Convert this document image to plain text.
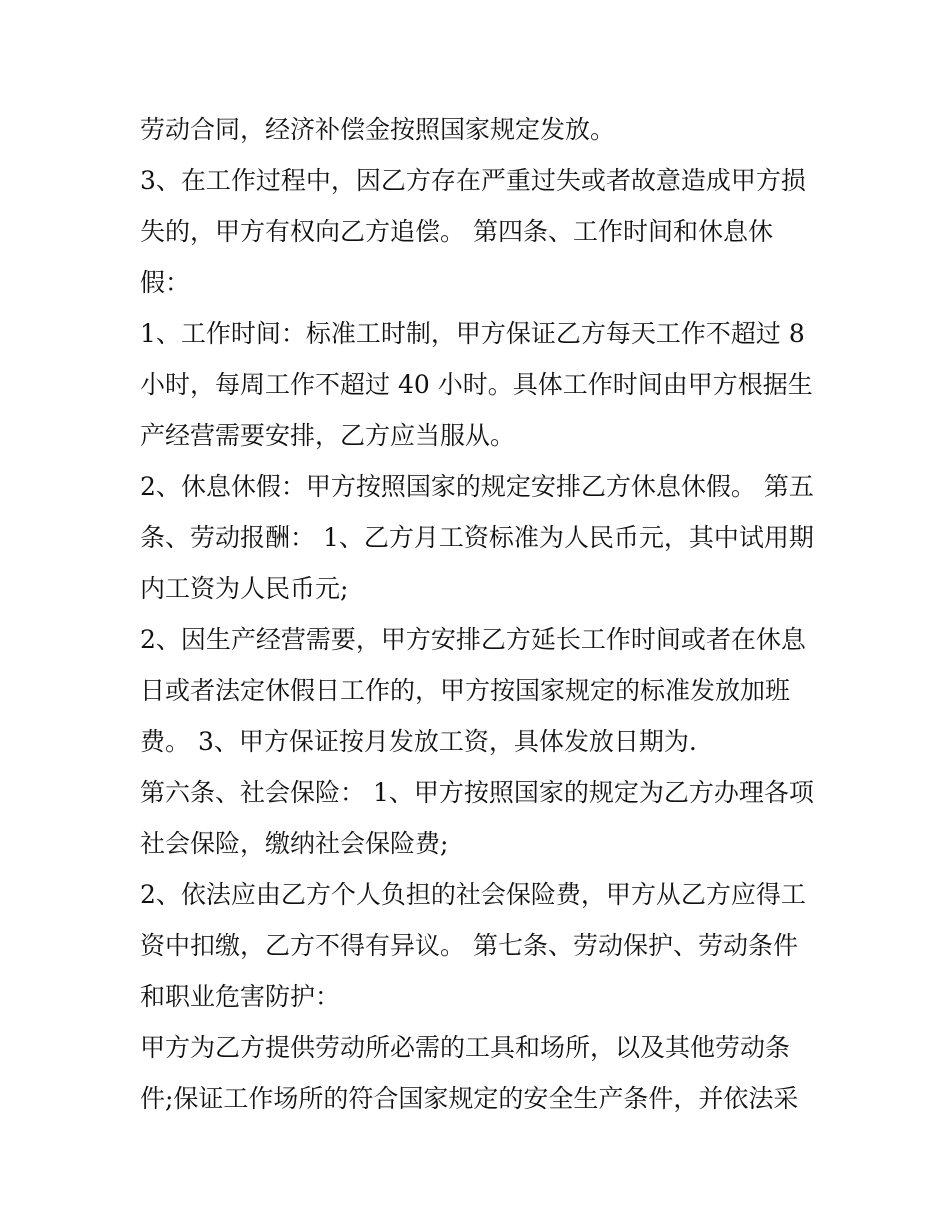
劳动合同，经济补偿金按照国家规定发放。
3、在工作过程中，因乙方存在严重过失或者故意造成甲方损
失的，甲方有权向乙方追偿。 第四条、工作时间和休息休
假：
1、工作时间：标准工时制，甲方保证乙方每天工作不超过 8
小时，每周工作不超过 40 小时。具体工作时间由甲方根据生
产经营需要安排，乙方应当服从。
2、休息休假：甲方按照国家的规定安排乙方休息休假。 第五
条、劳动报酬： 1、乙方月工资标准为人民币元，其中试用期
内工资为人民币元;
2、因生产经营需要，甲方安排乙方延长工作时间或者在休息
日或者法定休假日工作的，甲方按国家规定的标准发放加班
费。 3、甲方保证按月发放工资，具体发放日期为.
第六条、社会保险： 1、甲方按照国家的规定为乙方办理各项
社会保险，缴纳社会保险费;
2、依法应由乙方个人负担的社会保险费，甲方从乙方应得工
资中扣缴，乙方不得有异议。 第七条、劳动保护、劳动条件
和职业危害防护：
甲方为乙方提供劳动所必需的工具和场所，以及其他劳动条
件;保证工作场所的符合国家规定的安全生产条件，并依法采
